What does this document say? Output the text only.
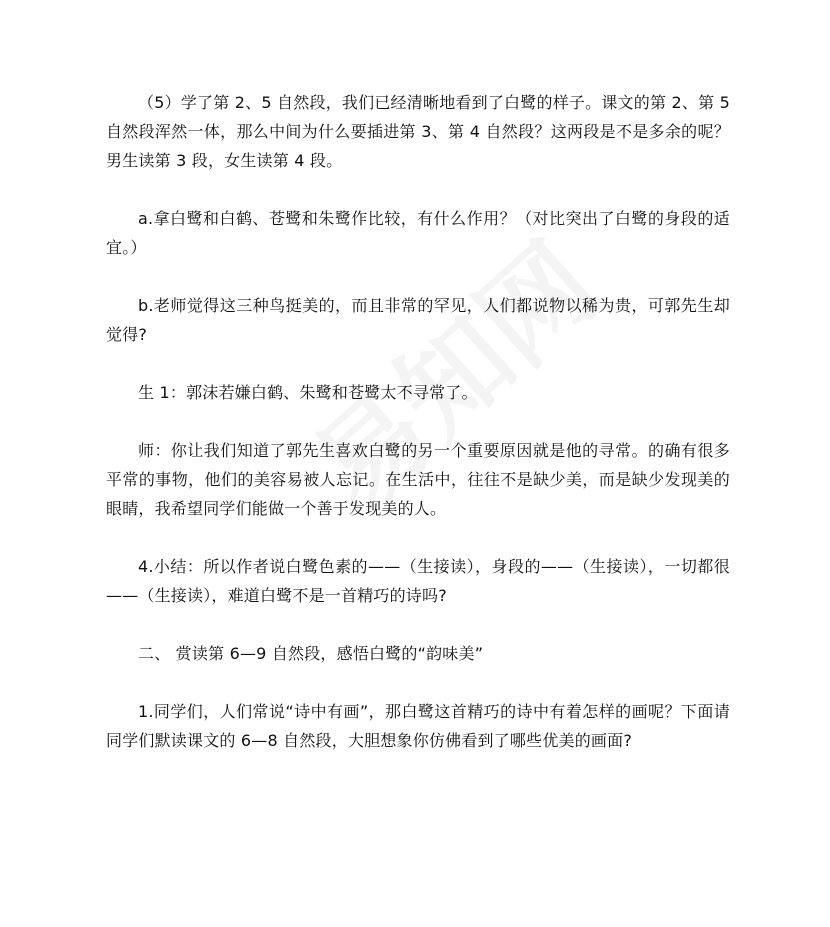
（5）学了第 2、5 自然段，我们已经清晰地看到了白鹭的样子。课文的第 2、第 5 自然段浑然一体，那么中间为什么要插进第 3、第 4 自然段？这两段是不是多余的呢？男生读第 3 段，女生读第 4 段。

a.拿白鹭和白鹤、苍鹭和朱鹭作比较，有什么作用？（对比突出了白鹭的身段的适宜。）

b.老师觉得这三种鸟挺美的，而且非常的罕见，人们都说物以稀为贵，可郭先生却觉得?

生 1：郭沫若嫌白鹤、朱鹭和苍鹭太不寻常了。

师：你让我们知道了郭先生喜欢白鹭的另一个重要原因就是他的寻常。的确有很多平常的事物，他们的美容易被人忘记。在生活中，往往不是缺少美，而是缺少发现美的眼睛，我希望同学们能做一个善于发现美的人。

4.小结：所以作者说白鹭色素的——（生接读），身段的——（生接读），一切都很——（生接读），难道白鹭不是一首精巧的诗吗?

二、 赏读第 6—9 自然段，感悟白鹭的“韵味美”

1.同学们，人们常说“诗中有画”，那白鹭这首精巧的诗中有着怎样的画呢？下面请同学们默读课文的 6—8 自然段，大胆想象你仿佛看到了哪些优美的画面?
